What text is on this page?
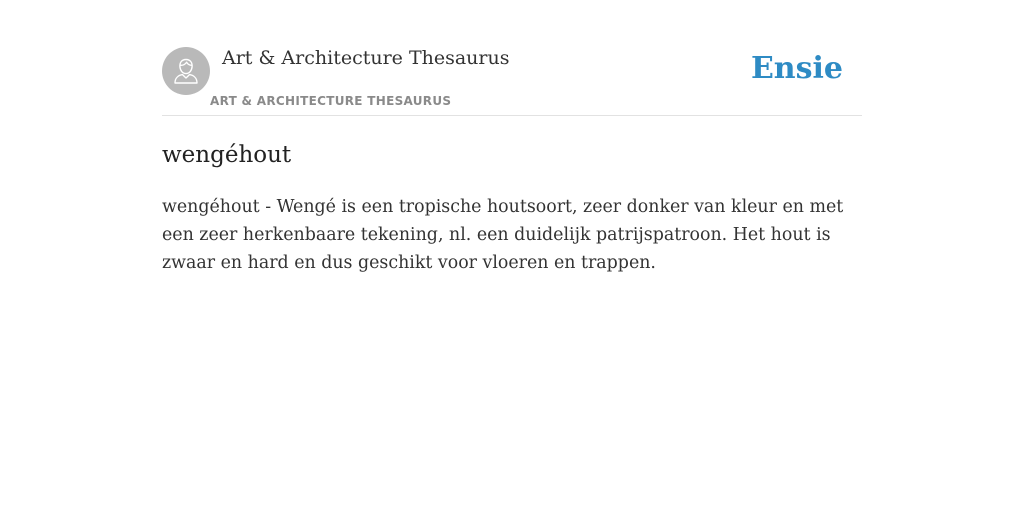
Art & Architecture Thesaurus
ART & ARCHITECTURE THESAURUS
Ensie
wengéhout

wengéhout - Wengé is een tropische houtsoort, zeer donker van kleur en met een zeer herkenbaare tekening, nl. een duidelijk patrijspatroon. Het hout is zwaar en hard en dus geschikt voor vloeren en trappen.
